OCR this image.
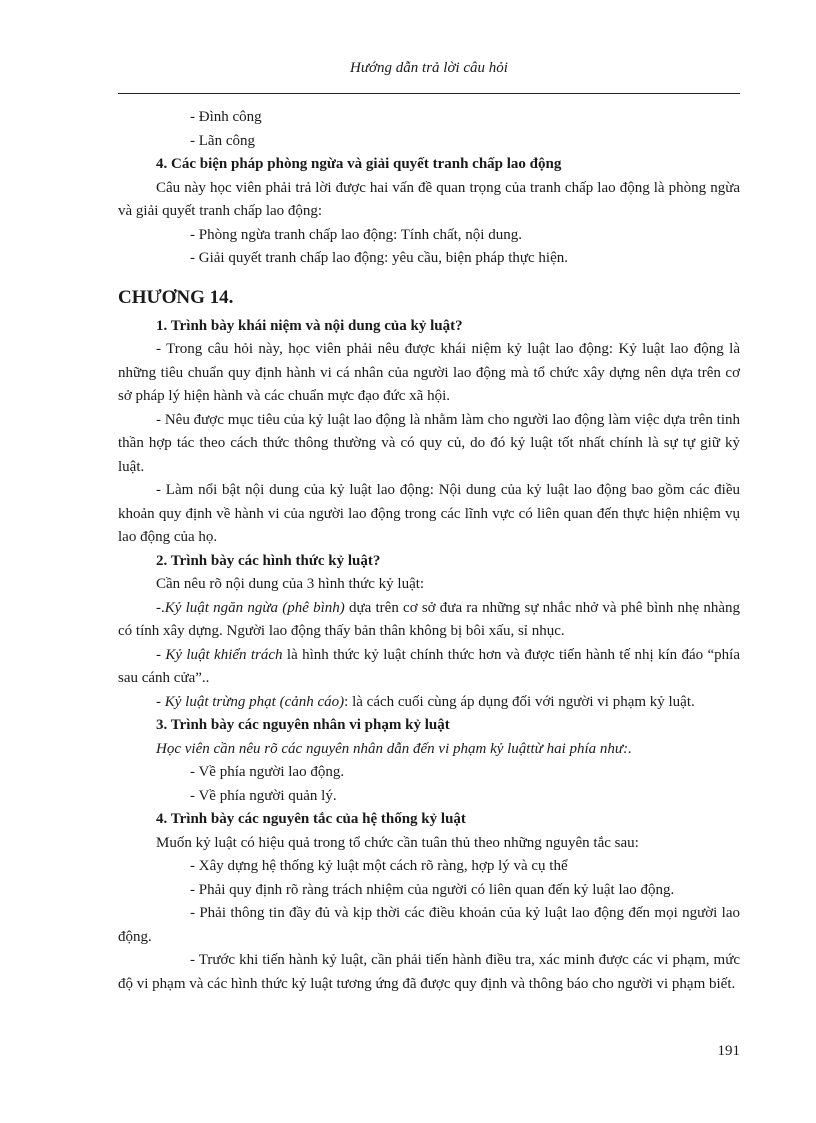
Hướng dẫn trả lời câu hỏi

- Đình công

- Lãn công

4. Các biện pháp phòng ngừa và giải quyết tranh chấp lao động

Câu này học viên phải trả lời được hai vấn đề quan trọng của tranh chấp lao động là phòng ngừa và giải quyết tranh chấp lao động:

- Phòng ngừa tranh chấp lao động: Tính chất, nội dung.

- Giải quyết tranh chấp lao động: yêu cầu, biện pháp thực hiện.

CHƯƠNG 14.

1. Trình bày khái niệm và nội dung của kỷ luật?

- Trong câu hỏi này, học viên phải nêu được khái niệm kỷ luật lao động: Kỷ luật lao động là những tiêu chuẩn quy định hành vi cá nhân của người lao động mà tổ chức xây dựng nên dựa trên cơ sở pháp lý hiện hành và các chuẩn mực đạo đức xã hội.

- Nêu được mục tiêu của kỷ luật lao động là nhằm làm cho người lao động làm việc dựa trên tinh thần hợp tác theo cách thức thông thường và có quy củ, do đó kỷ luật tốt nhất chính là sự tự giữ kỷ luật.

- Làm nổi bật nội dung của kỷ luật lao động: Nội dung của kỷ luật lao động bao gồm các điều khoản quy định về hành vi của người lao động trong các lĩnh vực có liên quan đến thực hiện nhiệm vụ lao động của họ.

2. Trình bày các hình thức kỷ luật?

Cần nêu rõ nội dung của 3 hình thức kỷ luật:

-.Kỷ luật ngăn ngừa (phê bình) dựa trên cơ sở đưa ra những sự nhắc nhở và phê bình nhẹ nhàng có tính xây dựng. Người lao động thấy bản thân không bị bôi xấu, sỉ nhục.

- Kỷ luật khiển trách là hình thức kỷ luật chính thức hơn và được tiến hành tế nhị kín đáo “phía sau cánh cửa”..

- Kỷ luật trừng phạt (cảnh cáo): là cách cuối cùng áp dụng đối với người vi phạm kỷ luật.

3. Trình bày các nguyên nhân vi phạm kỷ luật

Học viên cần nêu rõ các nguyên nhân dẫn đến vi phạm kỷ luậttừ hai phía như:.

- Về phía người lao động.

- Về phía người quản lý.

4. Trình bày các nguyên tắc của hệ thống kỷ luật

Muốn kỷ luật có hiệu quả trong tổ chức cần tuân thủ theo những nguyên tắc sau:

- Xây dựng hệ thống kỷ luật một cách rõ ràng, hợp lý và cụ thể

- Phải quy định rõ ràng trách nhiệm của người có liên quan đến kỷ luật lao động.

- Phải thông tin đầy đủ và kịp thời các điều khoản của kỷ luật lao động đến mọi người lao động.

- Trước khi tiến hành kỷ luật, cần phải tiến hành điều tra, xác minh được các vi phạm, mức độ vi phạm và các hình thức kỷ luật tương ứng đã được quy định và thông báo cho người vi phạm biết.

191
